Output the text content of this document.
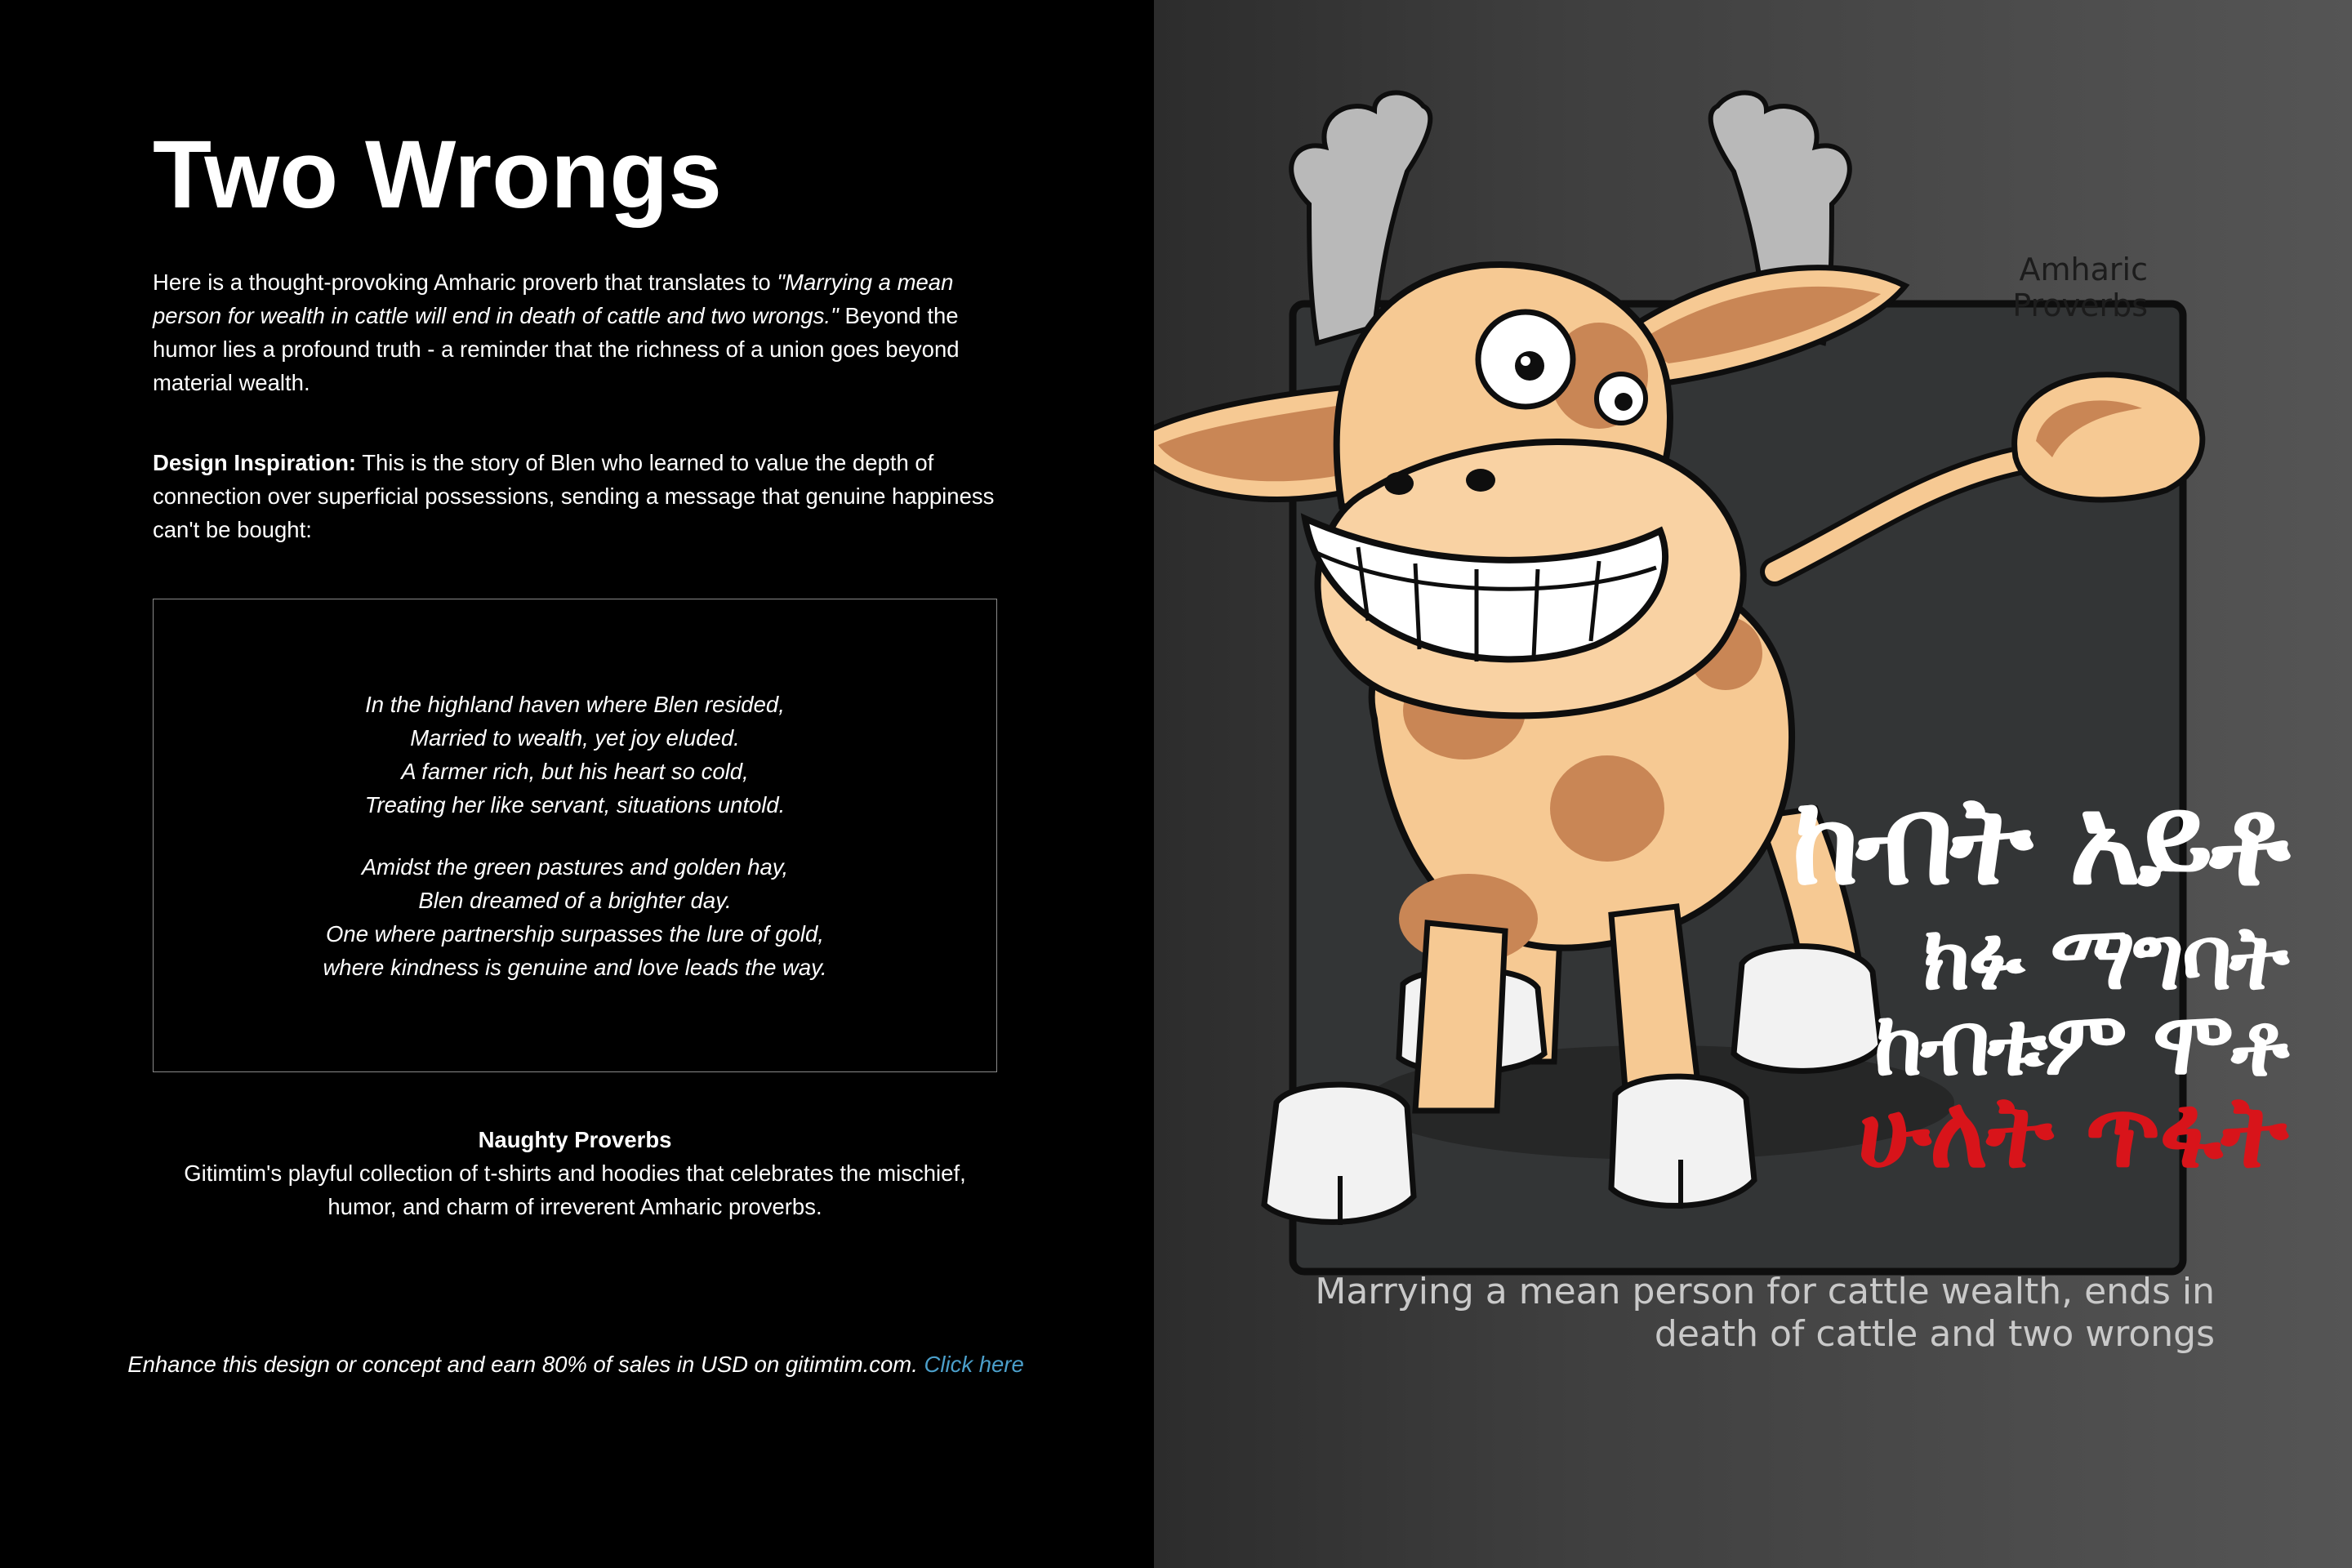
Two Wrongs

Here is a thought-provoking Amharic proverb that translates to "Marrying a mean person for wealth in cattle will end in death of cattle and two wrongs." Beyond the humor lies a profound truth - a reminder that the richness of a union goes beyond material wealth.

Design Inspiration: This is the story of Blen who learned to value the depth of connection over superficial possessions, sending a message that genuine happiness can't be bought:

In the highland haven where Blen resided,
Married to wealth, yet joy eluded.
A farmer rich, but his heart so cold,
Treating her like servant, situations untold.
Amidst the green pastures and golden hay,
Blen dreamed of a brighter day.
One where partnership surpasses the lure of gold,
where kindness is genuine and love leads the way.
Naughty Proverbs
Gitimtim's playful collection of t-shirts and hoodies that celebrates the mischief, humor, and charm of irreverent Amharic proverbs.
Enhance this design or concept and earn 80% of sales in USD on gitimtim.com. Click here
Amharic Proverbs
ከብት አይቶ
ክፉ ማግባት
ከብቱም ሞቶ
ሁለት ጥፋት
Marrying a mean person for cattle wealth, ends in death of cattle and two wrongs
